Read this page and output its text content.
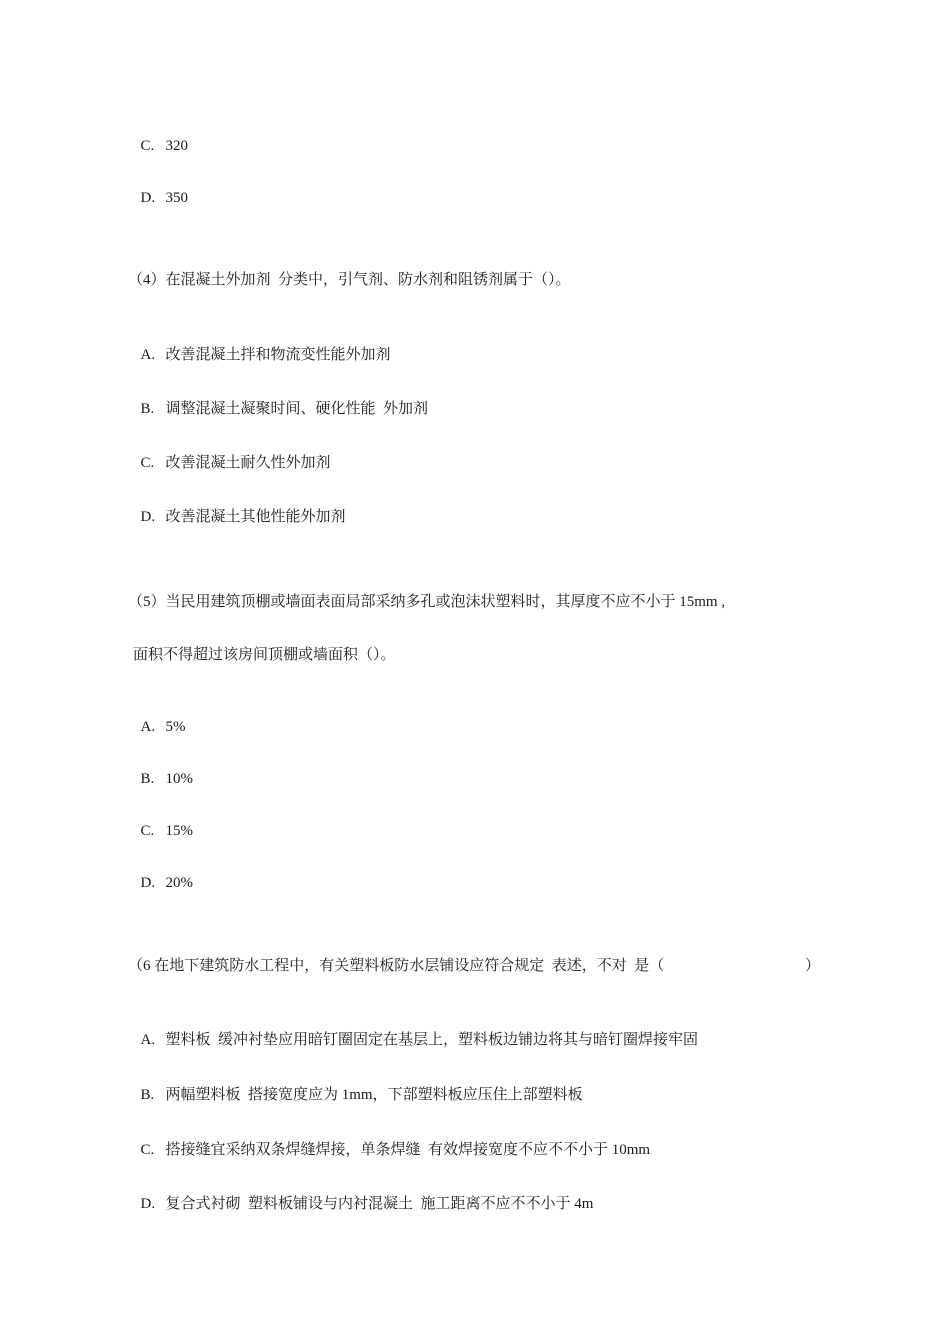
C. 320

D. 350

（4）在混凝土外加剂  分类中，引气剂、防水剂和阻锈剂属于（）。

A. 改善混凝土拌和物流变性能外加剂

B. 调整混凝土凝聚时间、硬化性能  外加剂

C. 改善混凝土耐久性外加剂

D. 改善混凝土其他性能外加剂

（5）当民用建筑顶棚或墙面表面局部采纳多孔或泡沫状塑料时，其厚度不应不小于 15mm ,
面积不得超过该房间顶棚或墙面积（）。

A. 5%

B. 10%

C. 15%

D. 20%

（6 在地下建筑防水工程中，有关塑料板防水层铺设应符合规定  表述，不对  是（	）

A. 塑料板  缓冲衬垫应用暗钉圈固定在基层上，塑料板边铺边将其与暗钉圈焊接牢固

B. 两幅塑料板  搭接宽度应为 1mm，下部塑料板应压住上部塑料板

C. 搭接缝宜采纳双条焊缝焊接，单条焊缝  有效焊接宽度不应不不小于 10mm

D. 复合式衬砌  塑料板铺设与内衬混凝土  施工距离不应不不小于 4m
